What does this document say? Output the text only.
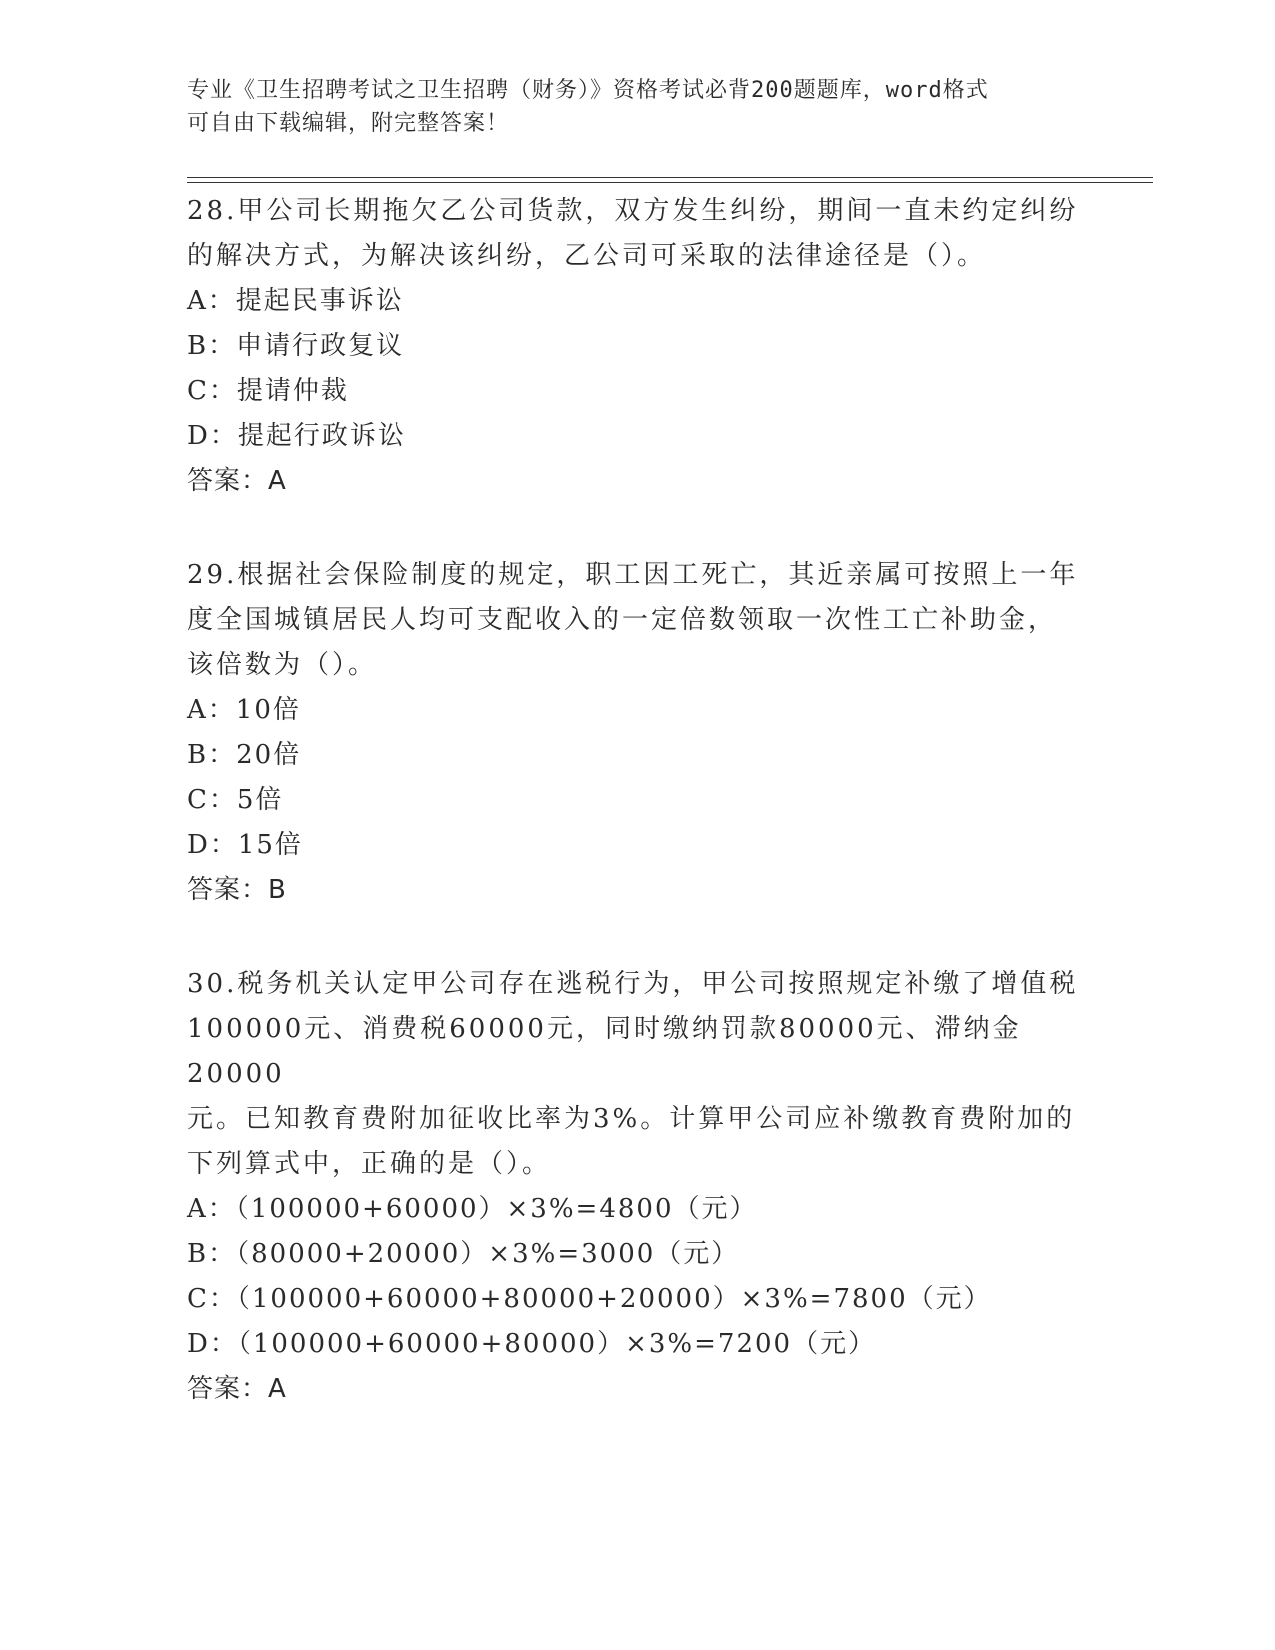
专业《卫生招聘考试之卫生招聘（财务）》资格考试必背200题题库，word格式
可自由下载编辑，附完整答案！

28.甲公司长期拖欠乙公司货款，双方发生纠纷，期间一直未约定纠纷

的解决方式，为解决该纠纷，乙公司可采取的法律途径是（）。

A：提起民事诉讼

B：申请行政复议

C：提请仲裁

D：提起行政诉讼

答案：A

29.根据社会保险制度的规定，职工因工死亡，其近亲属可按照上一年

度全国城镇居民人均可支配收入的一定倍数领取一次性工亡补助金，

该倍数为（）。

A：10倍

B：20倍

C：5倍

D：15倍

答案：B

30.税务机关认定甲公司存在逃税行为，甲公司按照规定补缴了增值税

100000元、消费税60000元，同时缴纳罚款80000元、滞纳金20000

元。已知教育费附加征收比率为3%。计算甲公司应补缴教育费附加的

下列算式中，正确的是（）。

A：（100000+60000）×3%=4800（元）

B：（80000+20000）×3%=3000（元）

C：（100000+60000+80000+20000）×3%=7800（元）

D：（100000+60000+80000）×3%=7200（元）

答案：A
